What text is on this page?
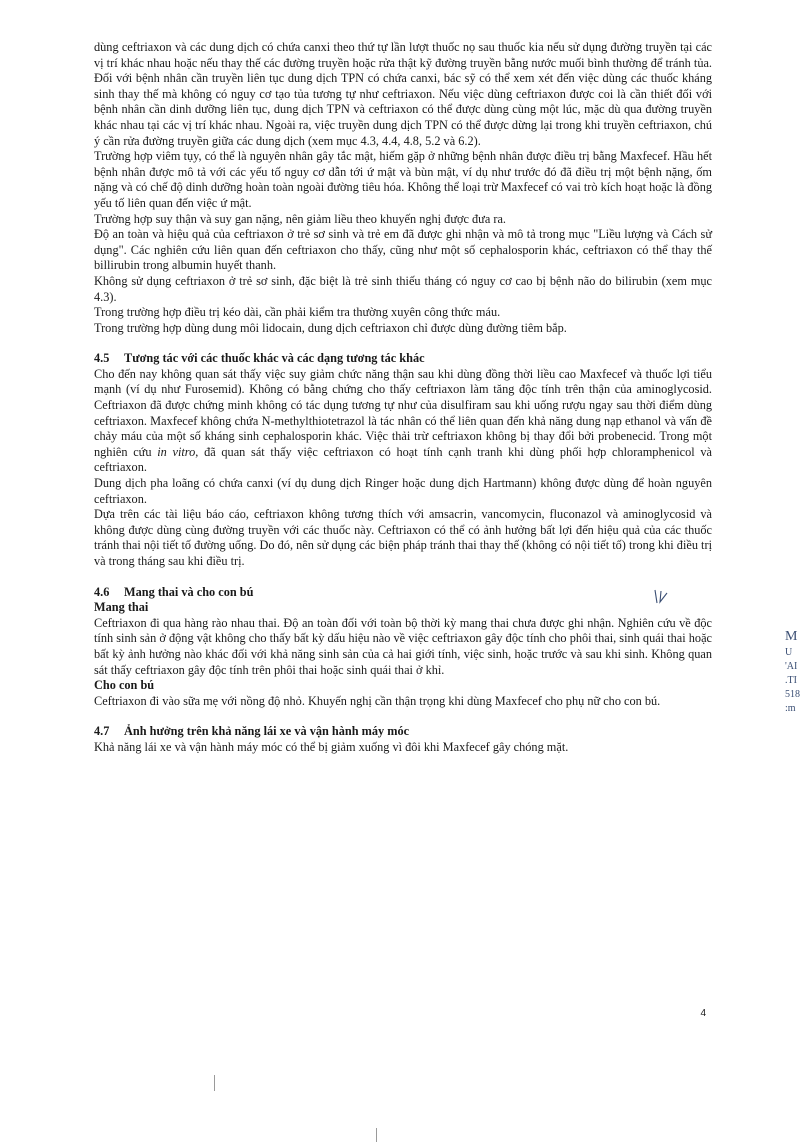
dùng ceftriaxon và các dung dịch có chứa canxi theo thứ tự lần lượt thuốc nọ sau thuốc kia nếu sử dụng đường truyền tại các vị trí khác nhau hoặc nếu thay thế các đường truyền hoặc rửa thật kỹ đường truyền bằng nước muối bình thường để tránh tủa. Đối với bệnh nhân cần truyền liên tục dung dịch TPN có chứa canxi, bác sỹ có thể xem xét đến việc dùng các thuốc kháng sinh thay thế mà không có nguy cơ tạo tủa tương tự như ceftriaxon. Nếu việc dùng ceftriaxon được coi là cần thiết đối với bệnh nhân cần dinh dưỡng liên tục, dung dịch TPN và ceftriaxon có thể được dùng cùng một lúc, mặc dù qua đường truyền khác nhau tại các vị trí khác nhau. Ngoài ra, việc truyền dung dịch TPN có thể được dừng lại trong khi truyền ceftriaxon, chú ý cần rửa đường truyền giữa các dung dịch (xem mục 4.3, 4.4, 4.8, 5.2 và 6.2).

Trường hợp viêm tụy, có thể là nguyên nhân gây tắc mật, hiếm gặp ở những bệnh nhân được điều trị bằng Maxfecef. Hầu hết bệnh nhân được mô tả với các yếu tố nguy cơ dẫn tới ứ mật và bùn mật, ví dụ như trước đó đã điều trị một bệnh nặng, ốm nặng và có chế độ dinh dưỡng hoàn toàn ngoài đường tiêu hóa. Không thể loại trừ Maxfecef có vai trò kích hoạt hoặc là đồng yếu tố liên quan đến việc ứ mật.

Trường hợp suy thận và suy gan nặng, nên giảm liều theo khuyến nghị được đưa ra.

Độ an toàn và hiệu quả của ceftriaxon ở trẻ sơ sinh và trẻ em đã được ghi nhận và mô tả trong mục "Liều lượng và Cách sử dụng". Các nghiên cứu liên quan đến ceftriaxon cho thấy, cũng như một số cephalosporin khác, ceftriaxon có thể thay thế billirubin trong albumin huyết thanh.

Không sử dụng ceftriaxon ở trẻ sơ sinh, đặc biệt là trẻ sinh thiếu tháng có nguy cơ cao bị bệnh não do bilirubin (xem mục 4.3).

Trong trường hợp điều trị kéo dài, cần phải kiểm tra thường xuyên công thức máu.

Trong trường hợp dùng dung môi lidocain, dung dịch ceftriaxon chỉ được dùng đường tiêm bắp.

4.5 Tương tác với các thuốc khác và các dạng tương tác khác

Cho đến nay không quan sát thấy việc suy giảm chức năng thận sau khi dùng đồng thời liều cao Maxfecef và thuốc lợi tiểu mạnh (ví dụ như Furosemid). Không có bằng chứng cho thấy ceftriaxon làm tăng độc tính trên thận của aminoglycosid. Ceftriaxon đã được chứng minh không có tác dụng tương tự như của disulfiram sau khi uống rượu ngay sau thời điểm dùng ceftriaxon. Maxfecef không chứa N-methylthiotetrazol là tác nhân có thể liên quan đến khả năng dung nạp ethanol và vấn đề chảy máu của một số kháng sinh cephalosporin khác. Việc thải trừ ceftriaxon không bị thay đổi bởi probenecid. Trong một nghiên cứu in vitro, đã quan sát thấy việc ceftriaxon có hoạt tính cạnh tranh khi dùng phối hợp chloramphenicol và ceftriaxon.

Dung dịch pha loãng có chứa canxi (ví dụ dung dịch Ringer hoặc dung dịch Hartmann) không được dùng để hoàn nguyên ceftriaxon.

Dựa trên các tài liệu báo cáo, ceftriaxon không tương thích với amsacrin, vancomycin, fluconazol và aminoglycosid và không được dùng cùng đường truyền với các thuốc này. Ceftriaxon có thể có ảnh hưởng bất lợi đến hiệu quả của các thuốc tránh thai nội tiết tố đường uống. Do đó, nên sử dụng các biện pháp tránh thai thay thế (không có nội tiết tố) trong khi điều trị và trong tháng sau khi điều trị.

4.6 Mang thai và cho con bú

Mang thai

Ceftriaxon đi qua hàng rào nhau thai. Độ an toàn đối với toàn bộ thời kỳ mang thai chưa được ghi nhận. Nghiên cứu về độc tính sinh sản ở động vật không cho thấy bất kỳ dấu hiệu nào về việc ceftriaxon gây độc tính cho phôi thai, sinh quái thai hoặc bất kỳ ảnh hưởng nào khác đối với khả năng sinh sản của cả hai giới tính, việc sinh, hoặc trước và sau khi sinh. Không quan sát thấy ceftriaxon gây độc tính trên phôi thai hoặc sinh quái thai ở khỉ.

Cho con bú

Ceftriaxon đi vào sữa mẹ với nồng độ nhỏ. Khuyến nghị cần thận trọng khi dùng Maxfecef cho phụ nữ cho con bú.

4.7 Ảnh hưởng trên khả năng lái xe và vận hành máy móc

Khả năng lái xe và vận hành máy móc có thể bị giảm xuống vì đôi khi Maxfecef gây chóng mặt.

4
M
U
'AI
.TI
518
:m
